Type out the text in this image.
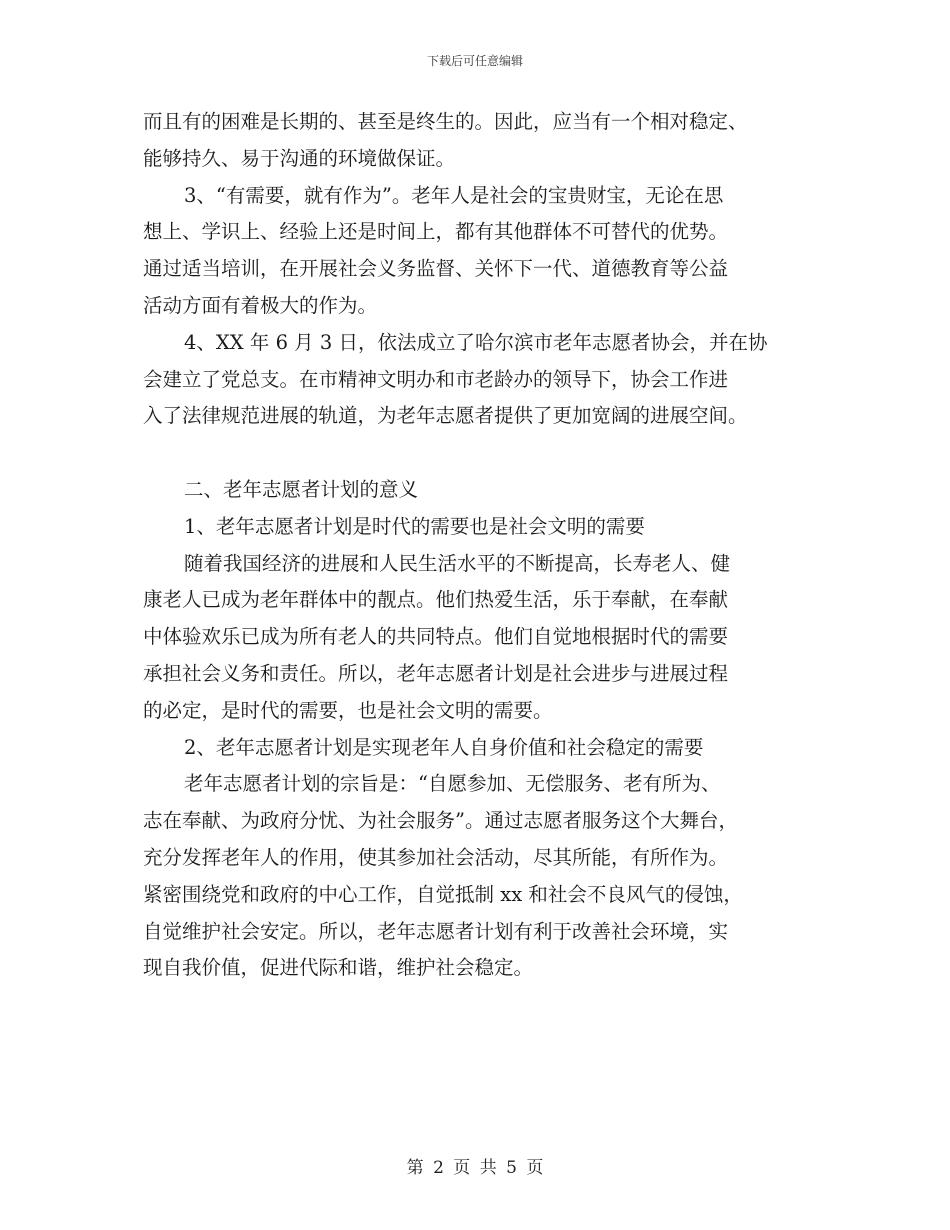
下载后可任意编辑
而且有的困难是长期的、甚至是终生的。因此，应当有一个相对稳定、
能够持久、易于沟通的环境做保证。
3、“有需要，就有作为”。老年人是社会的宝贵财宝，无论在思
想上、学识上、经验上还是时间上，都有其他群体不可替代的优势。
通过适当培训，在开展社会义务监督、关怀下一代、道德教育等公益
活动方面有着极大的作为。
4、XX 年 6 月 3 日，依法成立了哈尔滨市老年志愿者协会，并在协
会建立了党总支。在市精神文明办和市老龄办的领导下，协会工作进
入了法律规范进展的轨道，为老年志愿者提供了更加宽阔的进展空间。
二、老年志愿者计划的意义
1、老年志愿者计划是时代的需要也是社会文明的需要
随着我国经济的进展和人民生活水平的不断提高，长寿老人、健
康老人已成为老年群体中的靓点。他们热爱生活，乐于奉献，在奉献
中体验欢乐已成为所有老人的共同特点。他们自觉地根据时代的需要
承担社会义务和责任。所以，老年志愿者计划是社会进步与进展过程
的必定，是时代的需要，也是社会文明的需要。
2、老年志愿者计划是实现老年人自身价值和社会稳定的需要
老年志愿者计划的宗旨是：“自愿参加、无偿服务、老有所为、
志在奉献、为政府分忧、为社会服务”。通过志愿者服务这个大舞台，
充分发挥老年人的作用，使其参加社会活动，尽其所能，有所作为。
紧密围绕党和政府的中心工作，自觉抵制 xx 和社会不良风气的侵蚀，
自觉维护社会安定。所以，老年志愿者计划有利于改善社会环境，实
现自我价值，促进代际和谐，维护社会稳定。
第 2 页 共 5 页
